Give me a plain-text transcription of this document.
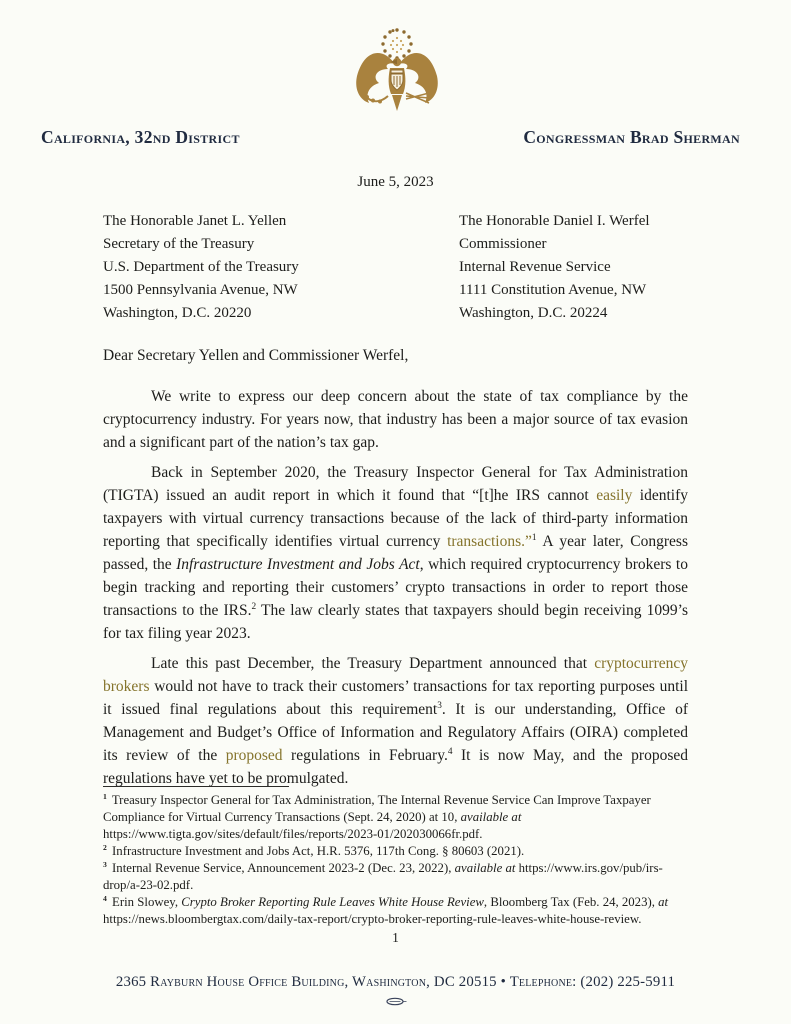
California, 32nd District	Congressman Brad Sherman
June 5, 2023
The Honorable Janet L. Yellen
Secretary of the Treasury
U.S. Department of the Treasury
1500 Pennsylvania Avenue, NW
Washington, D.C. 20220
The Honorable Daniel I. Werfel
Commissioner
Internal Revenue Service
1111 Constitution Avenue, NW
Washington, D.C. 20224
Dear Secretary Yellen and Commissioner Werfel,

We write to express our deep concern about the state of tax compliance by the cryptocurrency industry. For years now, that industry has been a major source of tax evasion and a significant part of the nation’s tax gap.

Back in September 2020, the Treasury Inspector General for Tax Administration (TIGTA) issued an audit report in which it found that “[t]he IRS cannot easily identify taxpayers with virtual currency transactions because of the lack of third-party information reporting that specifically identifies virtual currency transactions.”$^1$ A year later, Congress passed, the Infrastructure Investment and Jobs Act, which required cryptocurrency brokers to begin tracking and reporting their customers’ crypto transactions in order to report those transactions to the IRS.$^2$ The law clearly states that taxpayers should begin receiving 1099’s for tax filing year 2023.

Late this past December, the Treasury Department announced that cryptocurrency brokers would not have to track their customers’ transactions for tax reporting purposes until it issued final regulations about this requirement$^3$. It is our understanding, Office of Management and Budget’s Office of Information and Regulatory Affairs (OIRA) completed its review of the proposed regulations in February.$^4$ It is now May, and the proposed regulations have yet to be promulgated.

$^1$ Treasury Inspector General for Tax Administration, The Internal Revenue Service Can Improve Taxpayer Compliance for Virtual Currency Transactions (Sept. 24, 2020) at 10, available at https://www.tigta.gov/sites/default/files/reports/2023-01/202030066fr.pdf.
$^2$ Infrastructure Investment and Jobs Act, H.R. 5376, 117th Cong. § 80603 (2021).
$^3$ Internal Revenue Service, Announcement 2023-2 (Dec. 23, 2022), available at https://www.irs.gov/pub/irs-drop/a-23-02.pdf.
$^4$ Erin Slowey, Crypto Broker Reporting Rule Leaves White House Review, Bloomberg Tax (Feb. 24, 2023), at https://news.bloombergtax.com/daily-tax-report/crypto-broker-reporting-rule-leaves-white-house-review.
1
2365 Rayburn House Office Building, Washington, DC 20515 • Telephone: (202) 225-5911
